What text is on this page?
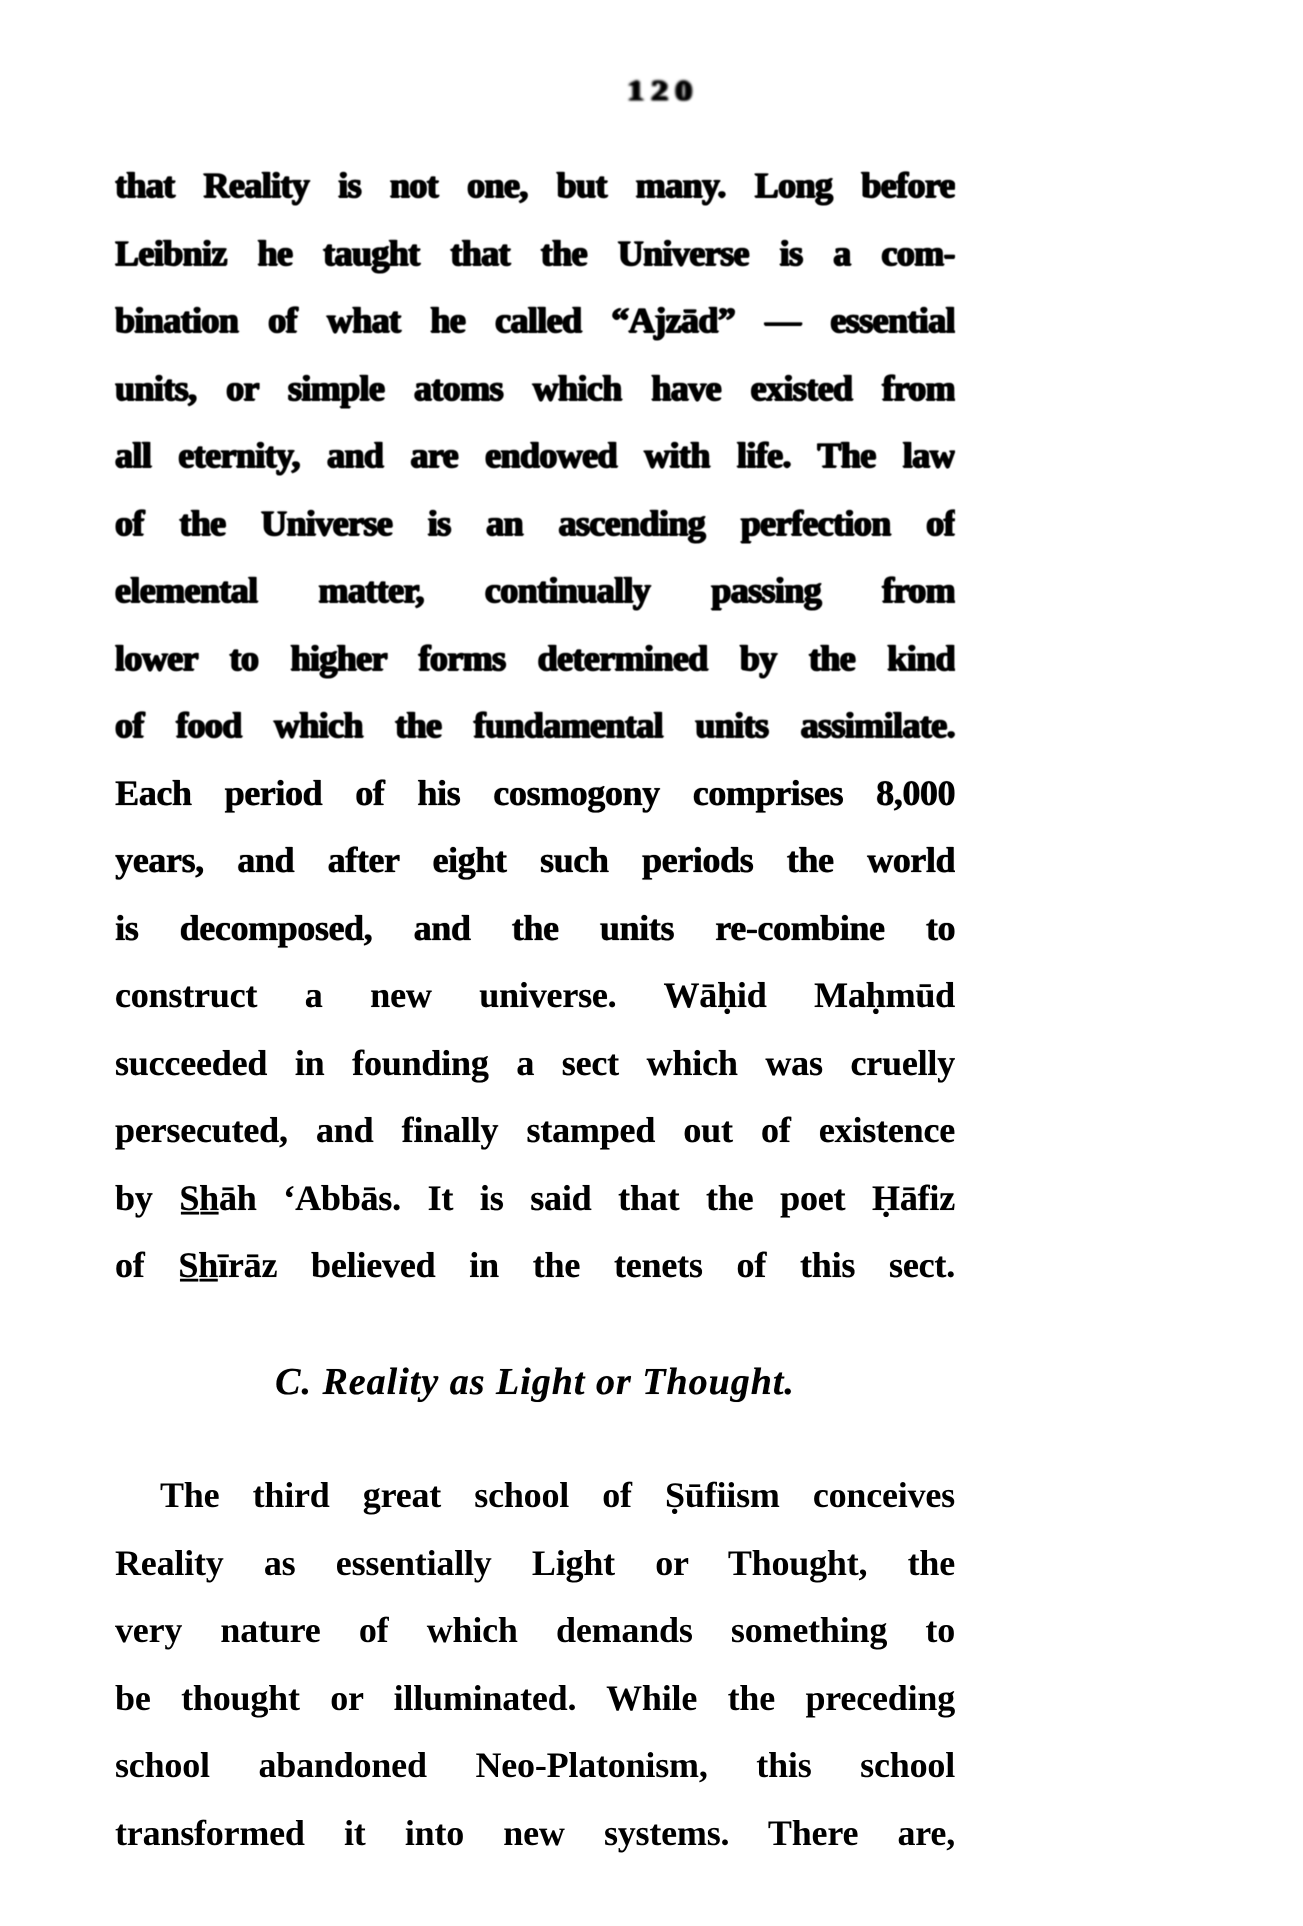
120
that Reality is not one, but many. Long before
Leibniz he taught that the Universe is a com-
bination of what he called “Ajzād” — essential
units, or simple atoms which have existed from
all eternity, and are endowed with life. The law
of the Universe is an ascending perfection of
elemental matter, continually passing from
lower to higher forms determined by the kind
of food which the fundamental units assimilate.
Each period of his cosmogony comprises 8,000
years, and after eight such periods the world
is decomposed, and the units re-combine to
construct a new universe. Wāḥid Maḥmūd
succeeded in founding a sect which was cruelly
persecuted, and finally stamped out of existence
by S̲h̲āh ‘Abbās. It is said that the poet Ḥāfiz
of S̲h̲īrāz believed in the tenets of this sect.
C. Reality as Light or Thought.
The third great school of Ṣūfiism conceives
Reality as essentially Light or Thought, the
very nature of which demands something to
be thought or illuminated. While the preceding
school abandoned Neo-Platonism, this school
transformed it into new systems. There are,
